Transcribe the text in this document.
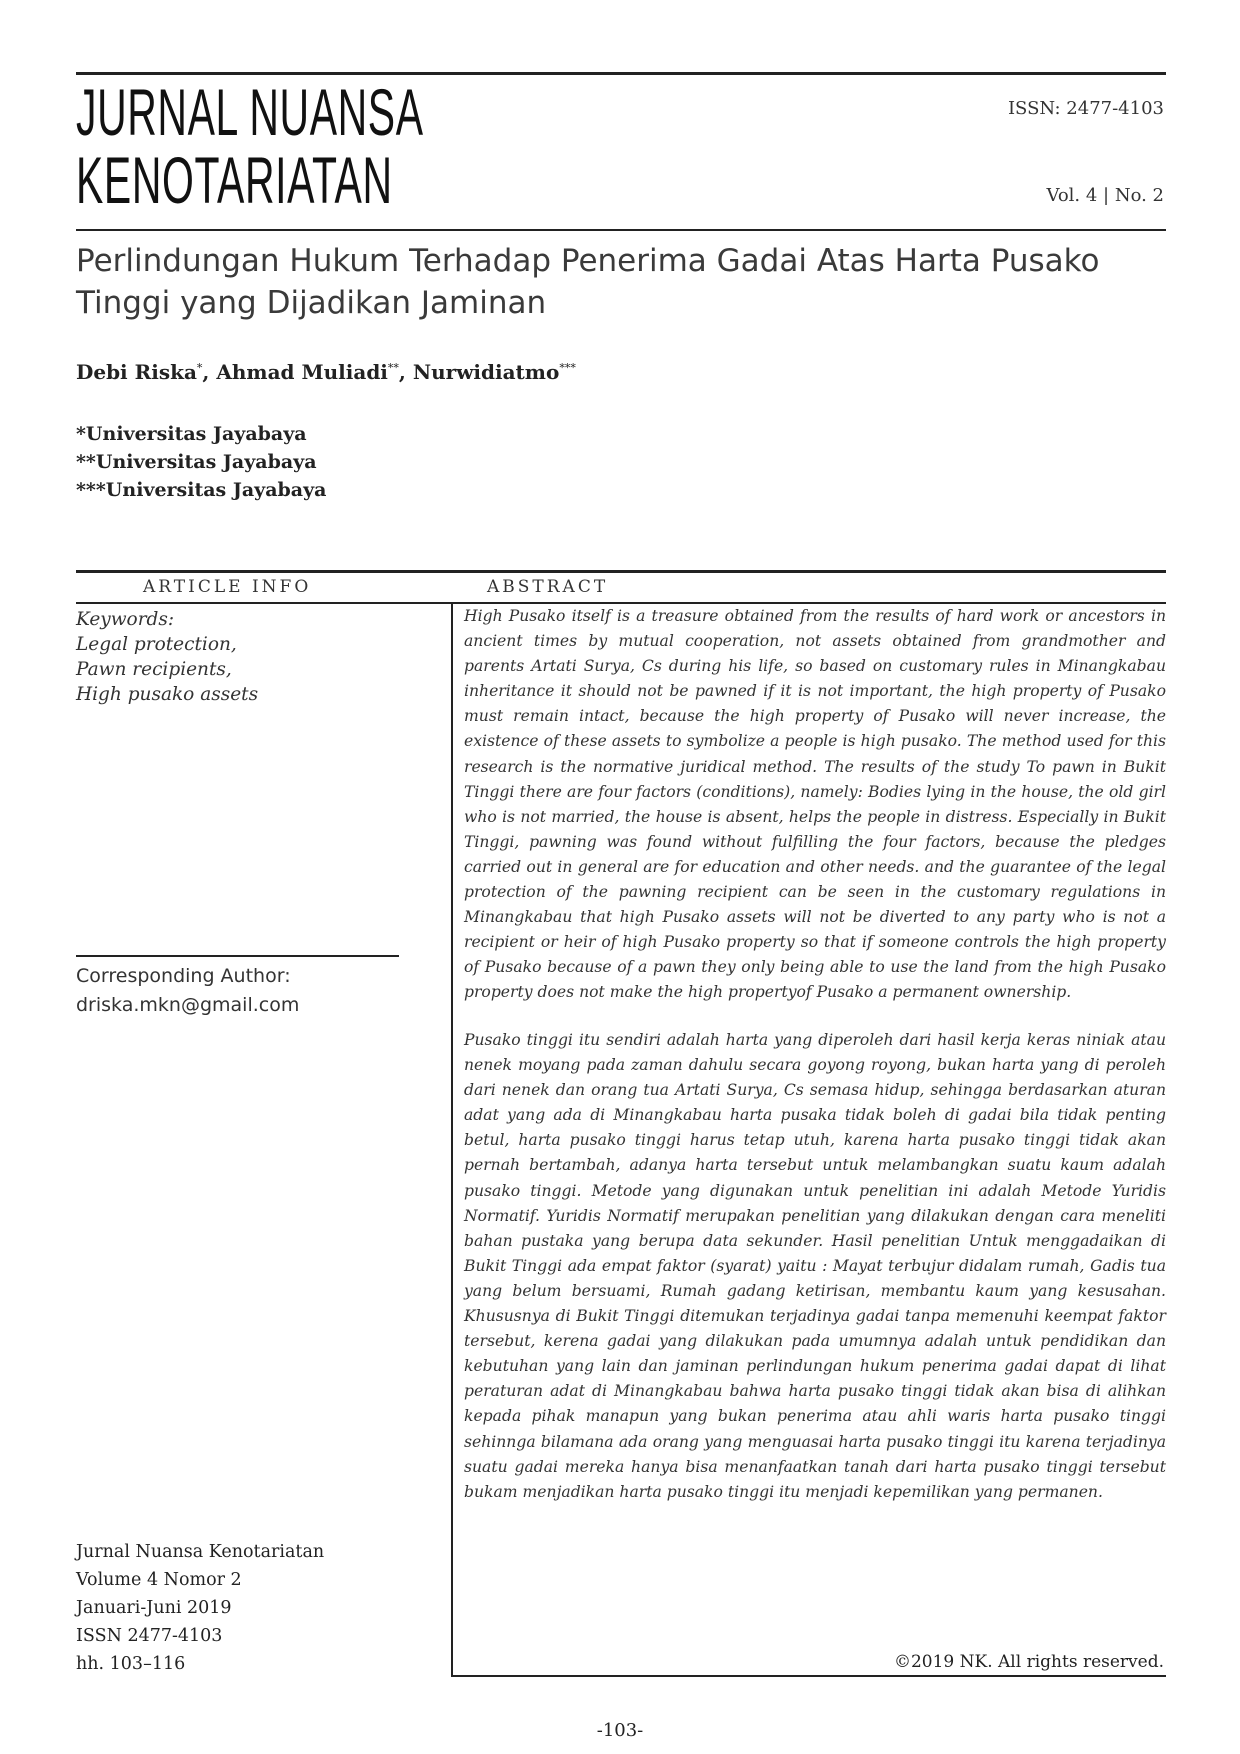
JURNAL NUANSA
KENOTARIATAN
ISSN: 2477-4103
Vol. 4 | No. 2
Perlindungan Hukum Terhadap Penerima Gadai Atas Harta Pusako Tinggi yang Dijadikan Jaminan
Debi Riska*, Ahmad Muliadi**, Nurwidiatmo***
*Universitas Jayabaya
**Universitas Jayabaya
***Universitas Jayabaya
ARTICLE INFO	ABSTRACT
Keywords:
Legal protection,
Pawn recipients,
High pusako assets

High Pusako itself is a treasure obtained from the results of hard work or ancestors in ancient times by mutual cooperation, not assets obtained from grandmother and parents Artati Surya, Cs during his life, so based on customary rules in Minangkabau inheritance it should not be pawned if it is not important, the high property of Pusako must remain intact, because the high property of Pusako will never increase, the existence of these assets to symbolize a people is high pusako. The method used for this research is the normative juridical method. The results of the study To pawn in Bukit Tinggi there are four factors (conditions), namely: Bodies lying in the house, the old girl who is not married, the house is absent, helps the people in distress. Especially in Bukit Tinggi, pawning was found without fulfilling the four factors, because the pledges carried out in general are for education and other needs. and the guarantee of the legal protection of the pawning recipient can be seen in the customary regulations in Minangkabau that high Pusako assets will not be diverted to any party who is not a recipient or heir of high Pusako property so that if someone controls the high property of Pusako because of a pawn they only being able to use the land from the high Pusako property does not make the high propertyof Pusako a permanent ownership.

Pusako tinggi itu sendiri adalah harta yang diperoleh dari hasil kerja keras niniak atau nenek moyang pada zaman dahulu secara goyong royong, bukan harta yang di peroleh dari nenek dan orang tua Artati Surya, Cs semasa hidup, sehingga berdasarkan aturan adat yang ada di Minangkabau harta pusaka tidak boleh di gadai bila tidak penting betul, harta pusako tinggi harus tetap utuh, karena harta pusako tinggi tidak akan pernah bertambah, adanya harta tersebut untuk melambangkan suatu kaum adalah pusako tinggi. Metode yang digunakan untuk penelitian ini adalah Metode Yuridis Normatif. Yuridis Normatif merupakan penelitian yang dilakukan dengan cara meneliti bahan pustaka yang berupa data sekunder. Hasil penelitian Untuk menggadaikan di Bukit Tinggi ada empat faktor (syarat) yaitu : Mayat terbujur didalam rumah, Gadis tua yang belum bersuami, Rumah gadang ketirisan, membantu kaum yang kesusahan. Khususnya di Bukit Tinggi ditemukan terjadinya gadai tanpa memenuhi keempat faktor tersebut, kerena gadai yang dilakukan pada umumnya adalah untuk pendidikan dan kebutuhan yang lain dan jaminan perlindungan hukum penerima gadai dapat di lihat peraturan adat di Minangkabau bahwa harta pusako tinggi tidak akan bisa di alihkan kepada pihak manapun yang bukan penerima atau ahli waris harta pusako tinggi sehinnga bilamana ada orang yang menguasai harta pusako tinggi itu karena terjadinya suatu gadai mereka hanya bisa menanfaatkan tanah dari harta pusako tinggi tersebut bukam menjadikan harta pusako tinggi itu menjadi kepemilikan yang permanen.

Corresponding Author:
driska.mkn@gmail.com
Jurnal Nuansa Kenotariatan
Volume 4 Nomor 2
Januari-Juni 2019
ISSN 2477-4103
hh. 103–116	©2019 NK. All rights reserved.
-103-
